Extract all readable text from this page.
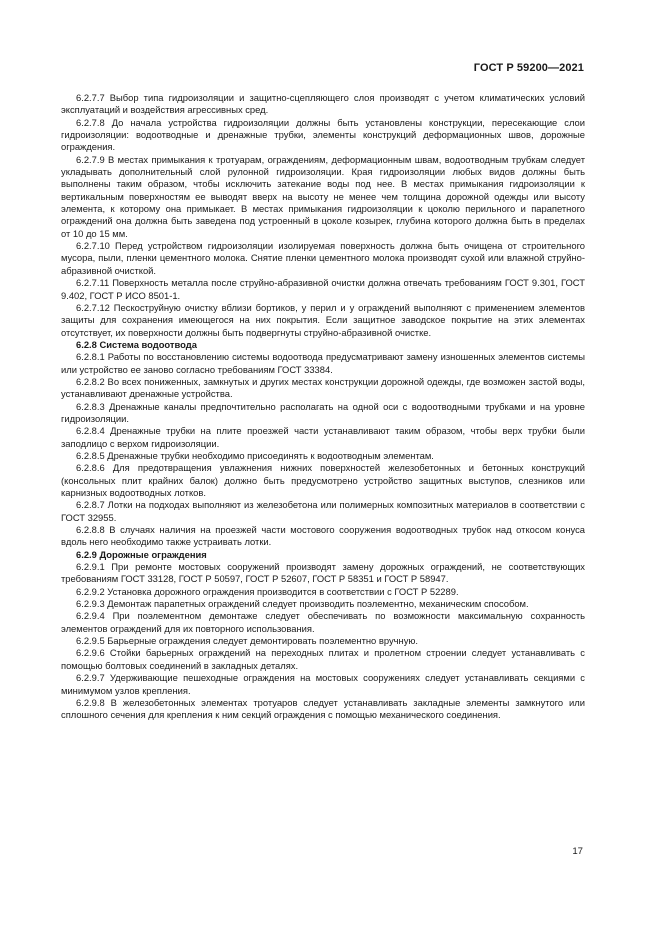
ГОСТ Р 59200—2021

6.2.7.7 Выбор типа гидроизоляции и защитно-сцепляющего слоя производят с учетом климатических условий эксплуатаций и воздействия агрессивных сред.

6.2.7.8 До начала устройства гидроизоляции должны быть установлены конструкции, пересекающие слои гидроизоляции: водоотводные и дренажные трубки, элементы конструкций деформационных швов, дорожные ограждения.

6.2.7.9 В местах примыкания к тротуарам, ограждениям, деформационным швам, водоотводным трубкам следует укладывать дополнительный слой рулонной гидроизоляции. Края гидроизоляции любых видов должны быть выполнены таким образом, чтобы исключить затекание воды под нее. В местах примыкания гидроизоляции к вертикальным поверхностям ее выводят вверх на высоту не менее чем толщина дорожной одежды или высоту элемента, к которому она примыкает. В местах примыкания гидроизоляции к цоколю перильного и парапетного ограждений она должна быть заведена под устроенный в цоколе козырек, глубина которого должна быть в пределах от 10 до 15 мм.

6.2.7.10 Перед устройством гидроизоляции изолируемая поверхность должна быть очищена от строительного мусора, пыли, пленки цементного молока. Снятие пленки цементного молока производят сухой или влажной струйно-абразивной очисткой.

6.2.7.11 Поверхность металла после струйно-абразивной очистки должна отвечать требованиям ГОСТ 9.301, ГОСТ 9.402, ГОСТ Р ИСО 8501-1.

6.2.7.12 Пескоструйную очистку вблизи бортиков, у перил и у ограждений выполняют с применением элементов защиты для сохранения имеющегося на них покрытия. Если защитное заводское покрытие на этих элементах отсутствует, их поверхности должны быть подвергнуты струйно-абразивной очистке.

6.2.8 Система водоотвода

6.2.8.1 Работы по восстановлению системы водоотвода предусматривают замену изношенных элементов системы или устройство ее заново согласно требованиям ГОСТ 33384.

6.2.8.2 Во всех пониженных, замкнутых и других местах конструкции дорожной одежды, где возможен застой воды, устанавливают дренажные устройства.

6.2.8.3 Дренажные каналы предпочтительно располагать на одной оси с водоотводными трубками и на уровне гидроизоляции.

6.2.8.4 Дренажные трубки на плите проезжей части устанавливают таким образом, чтобы верх трубки были заподлицо с верхом гидроизоляции.

6.2.8.5 Дренажные трубки необходимо присоединять к водоотводным элементам.

6.2.8.6 Для предотвращения увлажнения нижних поверхностей железобетонных и бетонных конструкций (консольных плит крайних балок) должно быть предусмотрено устройство защитных выступов, слезников или карнизных водоотводных лотков.

6.2.8.7 Лотки на подходах выполняют из железобетона или полимерных композитных материалов в соответствии с ГОСТ 32955.

6.2.8.8 В случаях наличия на проезжей части мостового сооружения водоотводных трубок над откосом конуса вдоль него необходимо также устраивать лотки.

6.2.9 Дорожные ограждения

6.2.9.1 При ремонте мостовых сооружений производят замену дорожных ограждений, не соответствующих требованиям ГОСТ 33128, ГОСТ Р 50597, ГОСТ Р 52607, ГОСТ Р 58351 и ГОСТ Р 58947.

6.2.9.2 Установка дорожного ограждения производится в соответствии с ГОСТ Р 52289.

6.2.9.3 Демонтаж парапетных ограждений следует производить поэлементно, механическим способом.

6.2.9.4 При поэлементном демонтаже следует обеспечивать по возможности максимальную сохранность элементов ограждений для их повторного использования.

6.2.9.5 Барьерные ограждения следует демонтировать поэлементно вручную.

6.2.9.6 Стойки барьерных ограждений на переходных плитах и пролетном строении следует устанавливать с помощью болтовых соединений в закладных деталях.

6.2.9.7 Удерживающие пешеходные ограждения на мостовых сооружениях следует устанавливать секциями с минимумом узлов крепления.

6.2.9.8 В железобетонных элементах тротуаров следует устанавливать закладные элементы замкнутого или сплошного сечения для крепления к ним секций ограждения с помощью механического соединения.

17
